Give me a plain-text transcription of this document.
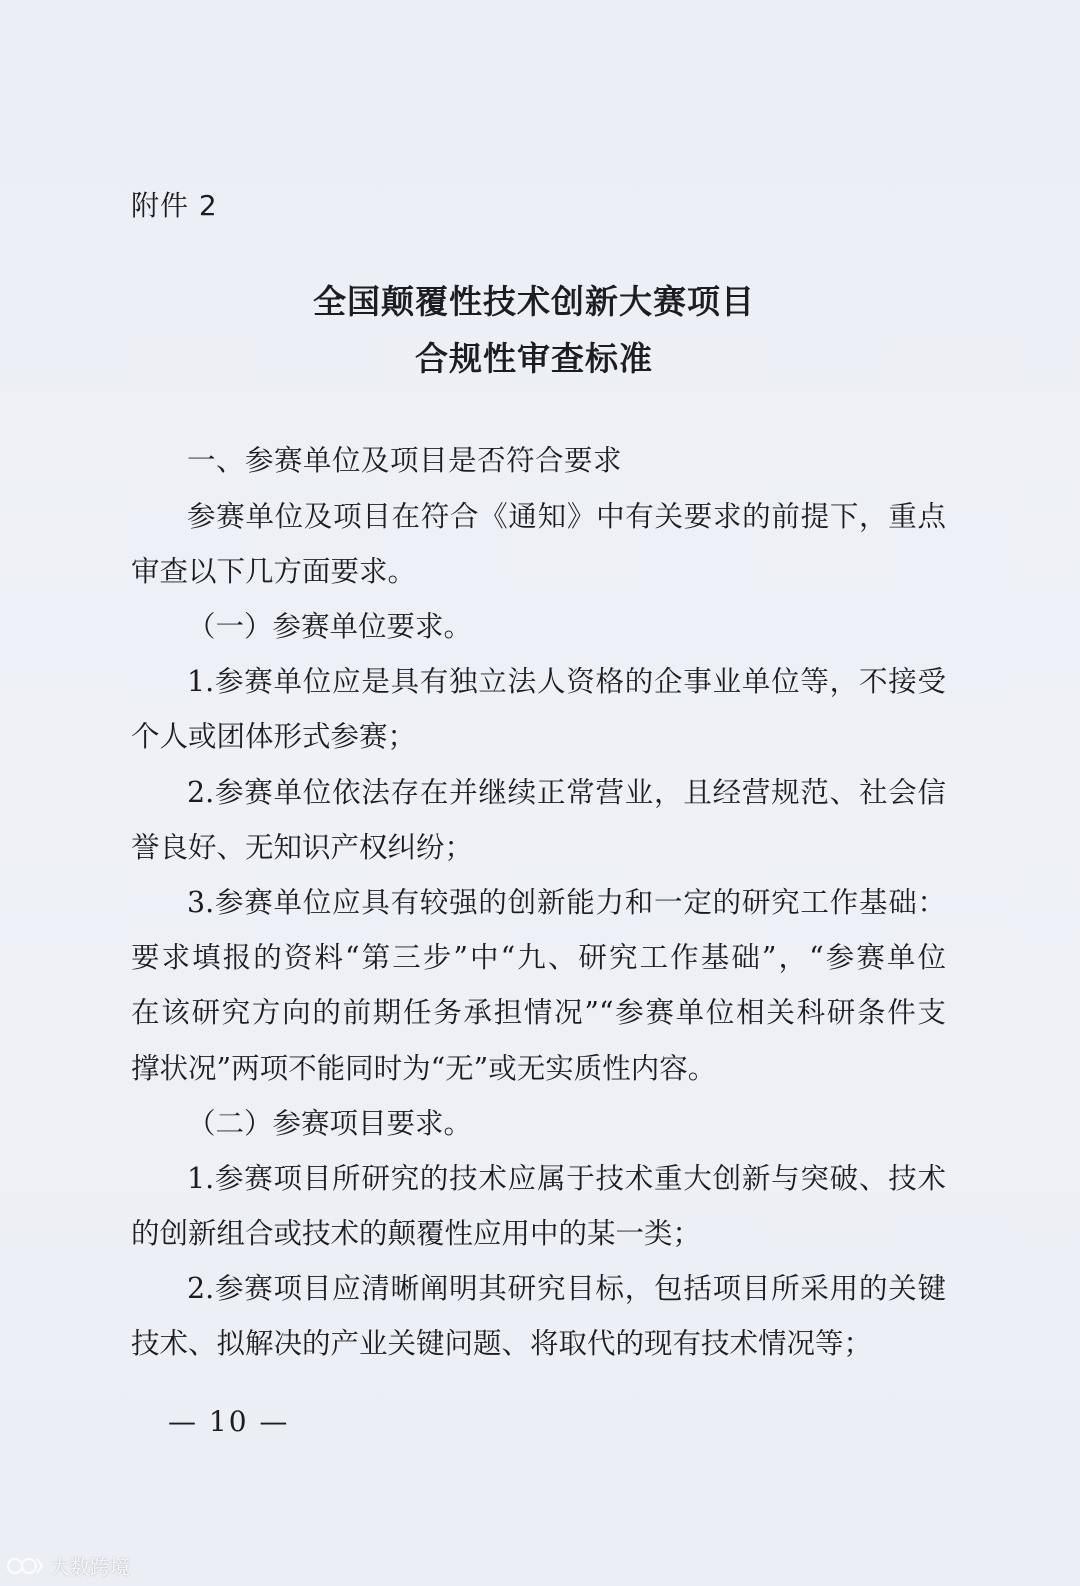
附件 2
全国颠覆性技术创新大赛项目
合规性审查标准
一、参赛单位及项目是否符合要求
参赛单位及项目在符合《通知》中有关要求的前提下，重点
审查以下几方面要求。
（一）参赛单位要求。
1.参赛单位应是具有独立法人资格的企事业单位等，不接受
个人或团体形式参赛；
2.参赛单位依法存在并继续正常营业，且经营规范、社会信
誉良好、无知识产权纠纷；
3.参赛单位应具有较强的创新能力和一定的研究工作基础：
要求填报的资料“第三步”中“九、研究工作基础”，“参赛单位
在该研究方向的前期任务承担情况”“参赛单位相关科研条件支
撑状况”两项不能同时为“无”或无实质性内容。
（二）参赛项目要求。
1.参赛项目所研究的技术应属于技术重大创新与突破、技术
的创新组合或技术的颠覆性应用中的某一类；
2.参赛项目应清晰阐明其研究目标，包括项目所采用的关键
技术、拟解决的产业关键问题、将取代的现有技术情况等；
— 10 —
大数跨境
